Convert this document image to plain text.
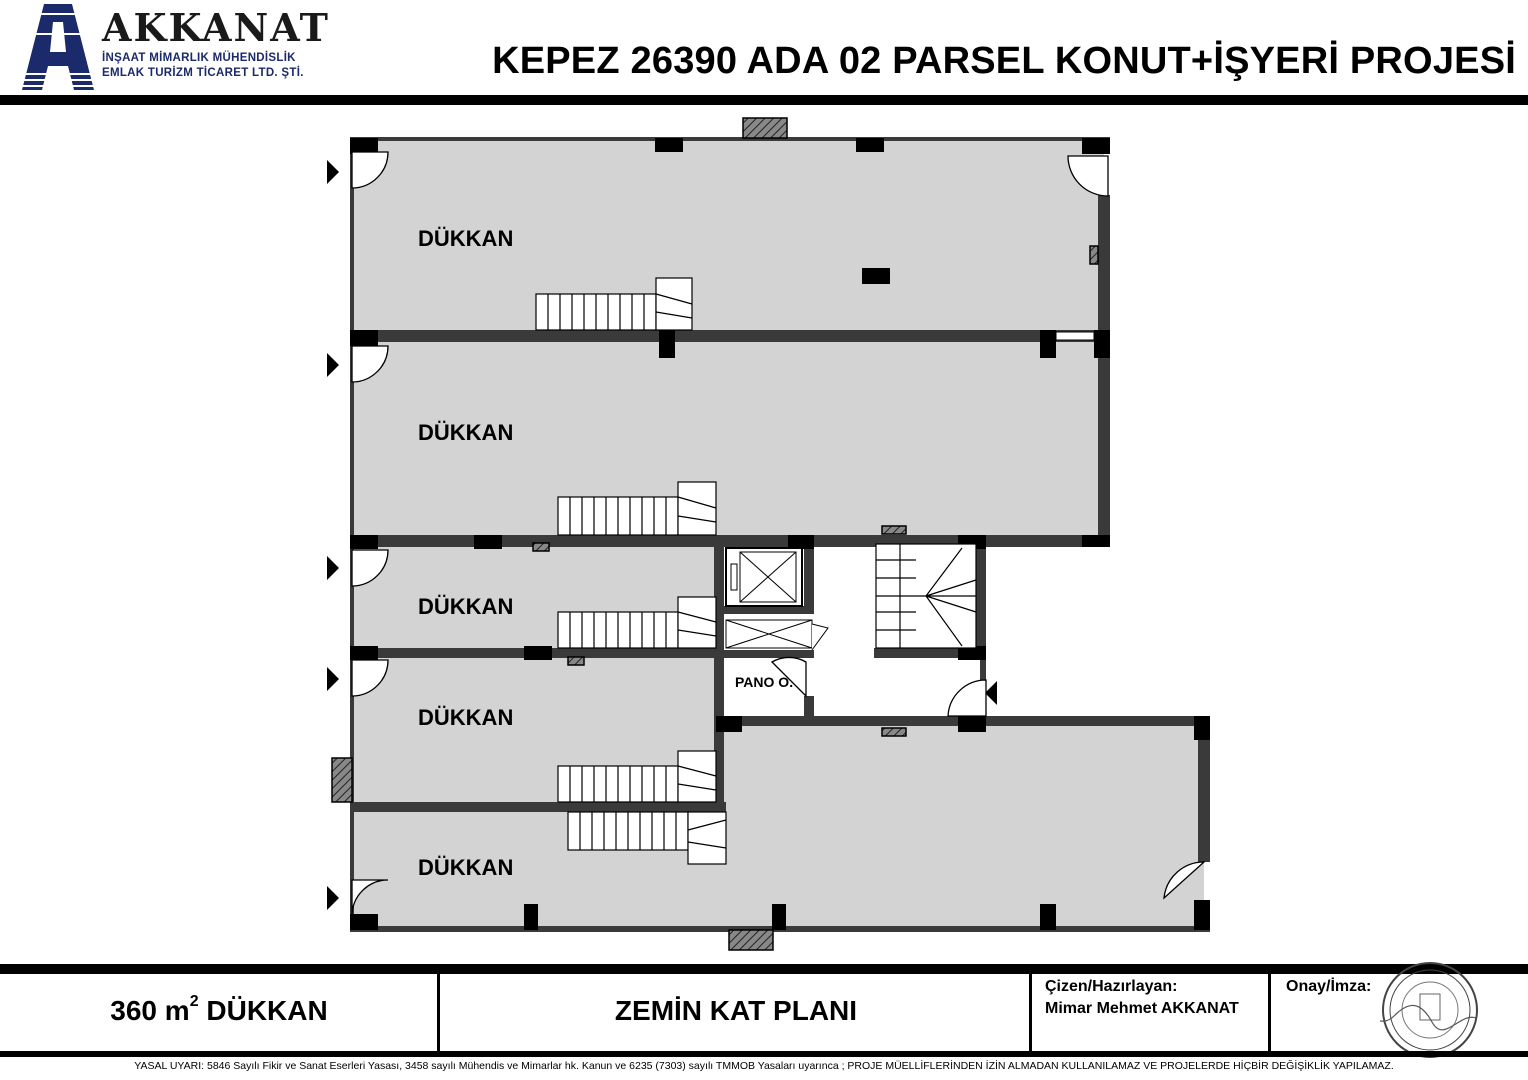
AKKANAT
İNŞAAT MİMARLIK MÜHENDİSLİK
EMLAK TURİZM TİCARET LTD. ŞTİ.	KEPEZ 26390 ADA 02 PARSEL KONUT+İŞYERİ PROJESİ
DÜKKAN
DÜKKAN
DÜKKAN
DÜKKAN
DÜKKAN
PANO O.
360 $m^2$ DÜKKAN	ZEMİN KAT PLANI
Çizen/Hazırlayan:
Mimar Mehmet AKKANAT
Onay/İmza:
YASAL UYARI: 5846 Sayılı Fikir ve Sanat Eserleri Yasası, 3458 sayılı Mühendis ve Mimarlar hk. Kanun ve 6235 (7303) sayılı TMMOB Yasaları uyarınca ; PROJE MÜELLİFLERİNDEN İZİN ALMADAN KULLANILAMAZ VE PROJELERDE HİÇBİR DEĞİŞİKLİK YAPILAMAZ.
